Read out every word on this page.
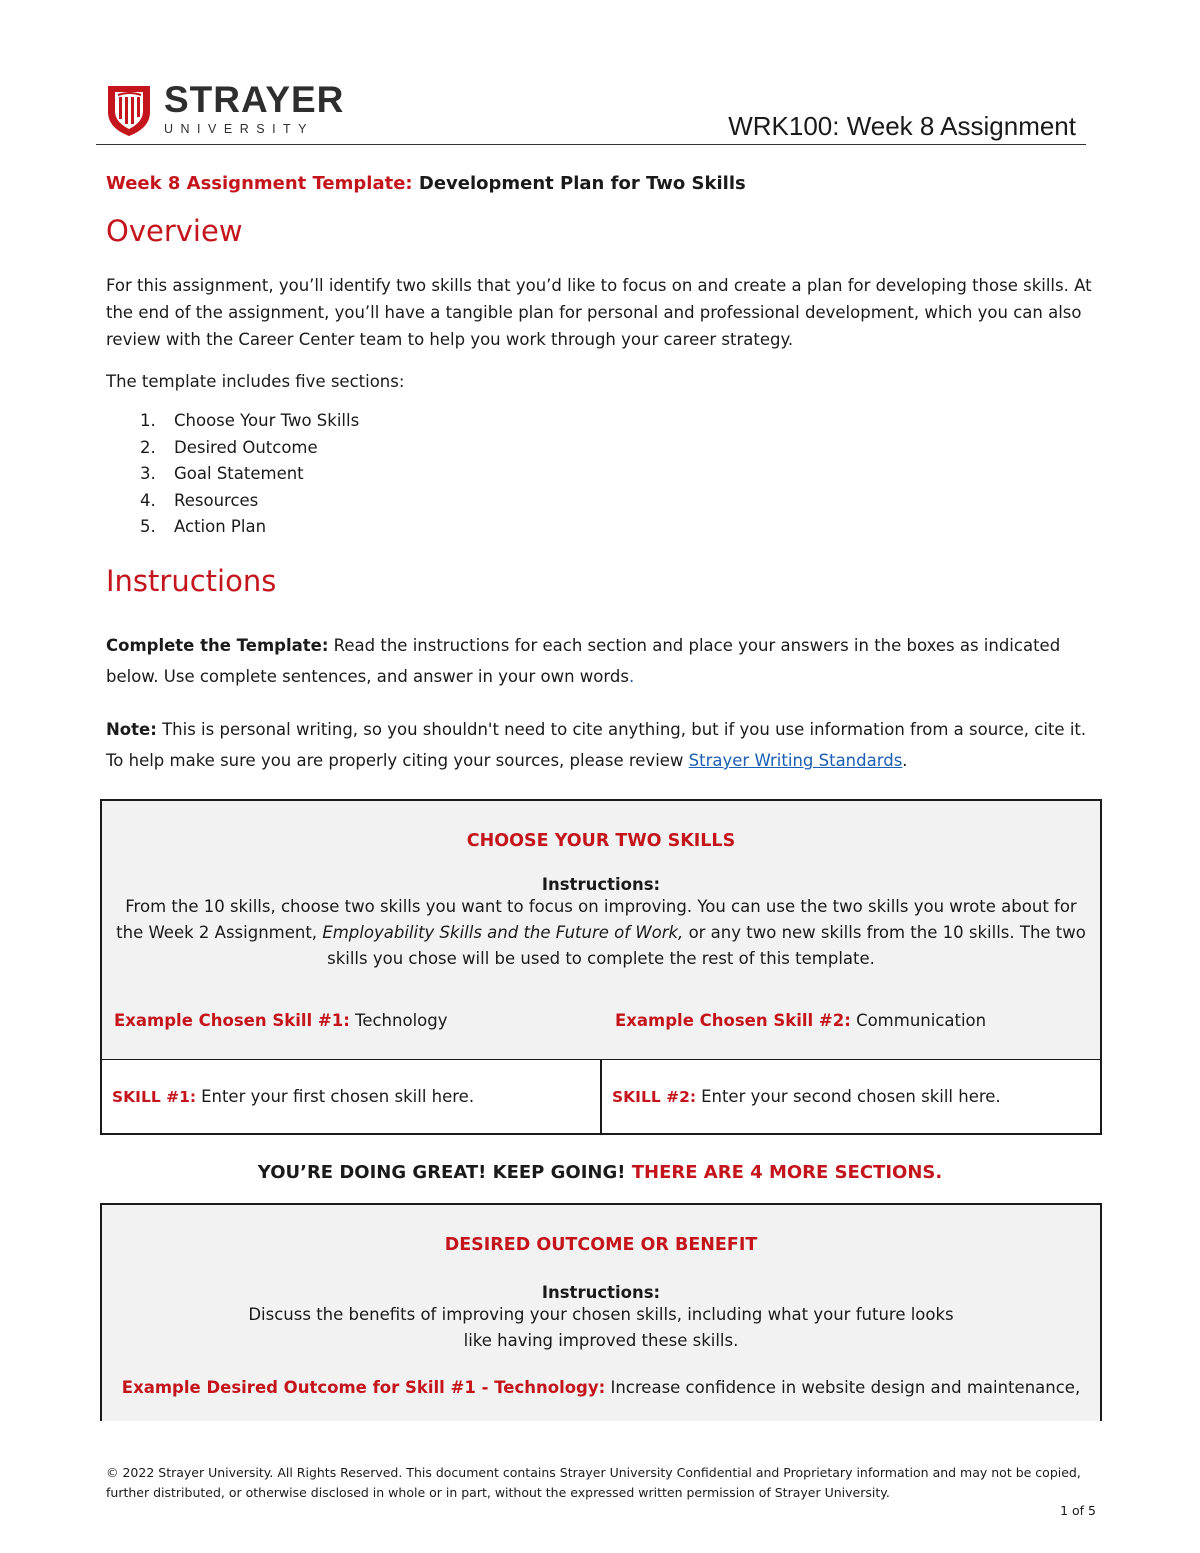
STRAYER
UNIVERSITY	WRK100: Week 8 Assignment

Week 8 Assignment Template: Development Plan for Two Skills

Overview

For this assignment, you’ll identify two skills that you’d like to focus on and create a plan for developing those skills. At the end of the assignment, you’ll have a tangible plan for personal and professional development, which you can also review with the Career Center team to help you work through your career strategy.

The template includes five sections:

1. Choose Your Two Skills
2. Desired Outcome
3. Goal Statement
4. Resources
5. Action Plan
Instructions

Complete the Template: Read the instructions for each section and place your answers in the boxes as indicated below. Use complete sentences, and answer in your own words.

Note: This is personal writing, so you shouldn't need to cite anything, but if you use information from a source, cite it. To help make sure you are properly citing your sources, please review Strayer Writing Standards.

CHOOSE YOUR TWO SKILLS
Instructions:
From the 10 skills, choose two skills you want to focus on improving. You can use the two skills you wrote about for the Week 2 Assignment, Employability Skills and the Future of Work, or any two new skills from the 10 skills. The two skills you chose will be used to complete the rest of this template.
Example Chosen Skill #1: Technology	Example Chosen Skill #2: Communication
SKILL #1: Enter your first chosen skill here.	SKILL #2: Enter your second chosen skill here.
YOU’RE DOING GREAT! KEEP GOING! THERE ARE 4 MORE SECTIONS.
DESIRED OUTCOME OR BENEFIT
Instructions:
Discuss the benefits of improving your chosen skills, including what your future looks like having improved these skills.
Example Desired Outcome for Skill #1 - Technology: Increase confidence in website design and maintenance,
© 2022 Strayer University. All Rights Reserved. This document contains Strayer University Confidential and Proprietary information and may not be copied, further distributed, or otherwise disclosed in whole or in part, without the expressed written permission of Strayer University.
1 of 5
